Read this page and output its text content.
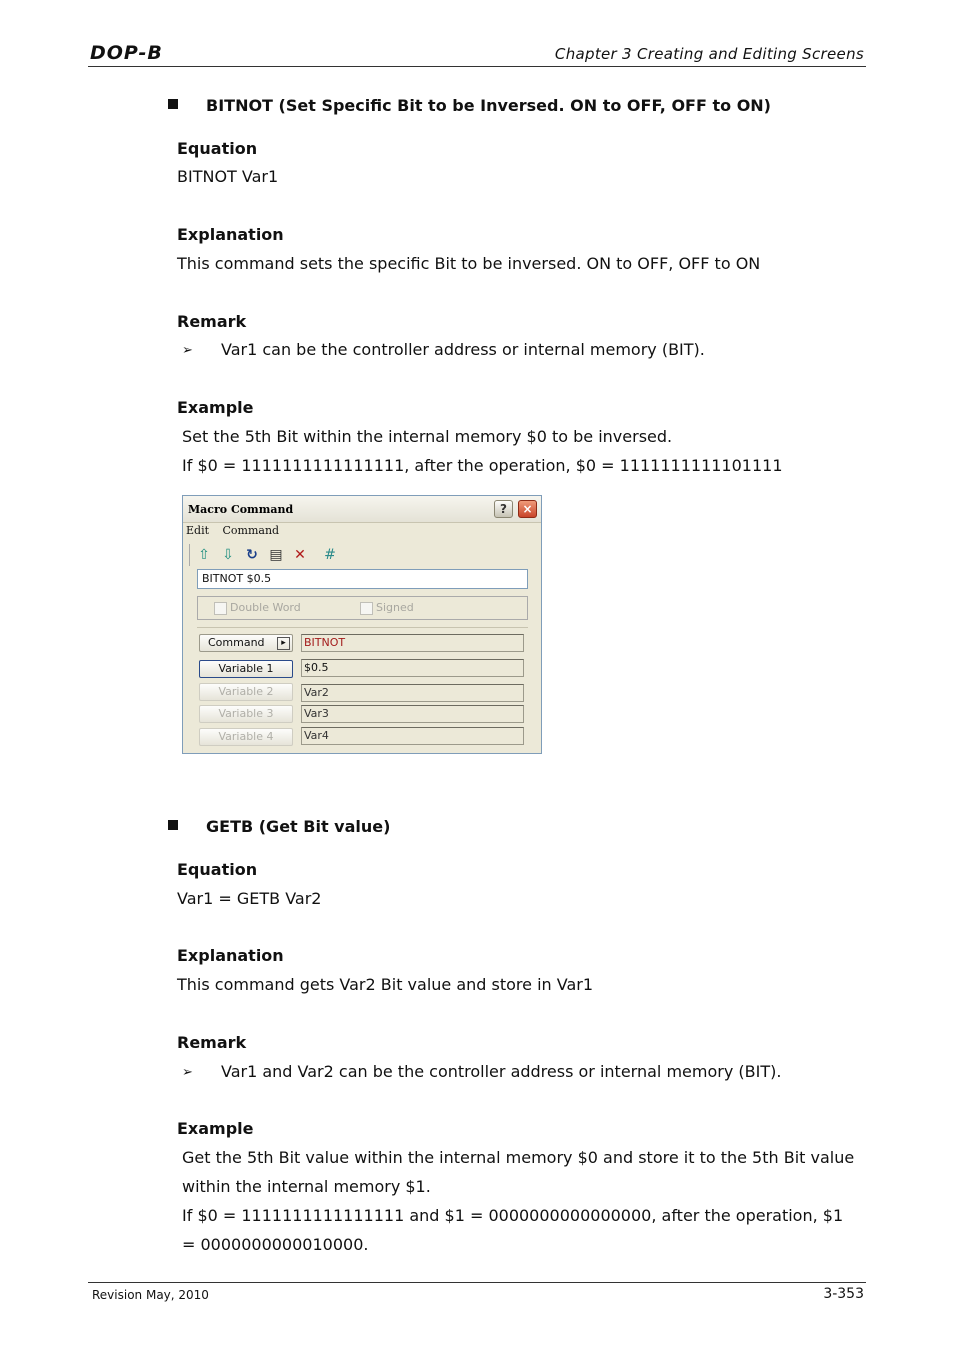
DOP-B	Chapter 3 Creating and Editing Screens
BITNOT (Set Specific Bit to be Inversed. ON to OFF, OFF to ON)
Equation
BITNOT Var1
Explanation
This command sets the specific Bit to be inversed. ON to OFF, OFF to ON
Remark
➢ Var1 can be the controller address or internal memory (BIT).
Example
Set the 5th Bit within the internal memory $0 to be inversed.
If $0 = 1111111111111111, after the operation, $0 = 1111111111101111
Macro Command	?	×
Edit Command
⇧ ⇩ ↻ ▤ ✕ #
BITNOT $0.5
Double Word	Signed
Command	▸	BITNOT
Variable 1	$0.5
Variable 2	Var2
Variable 3	Var3
Variable 4	Var4
GETB (Get Bit value)
Equation
Var1 = GETB Var2
Explanation
This command gets Var2 Bit value and store in Var1
Remark
➢ Var1 and Var2 can be the controller address or internal memory (BIT).
Example
Get the 5th Bit value within the internal memory $0 and store it to the 5th Bit value
within the internal memory $1.
If $0 = 1111111111111111 and $1 = 0000000000000000, after the operation, $1
= 0000000000010000.
Revision May, 2010	3-353
